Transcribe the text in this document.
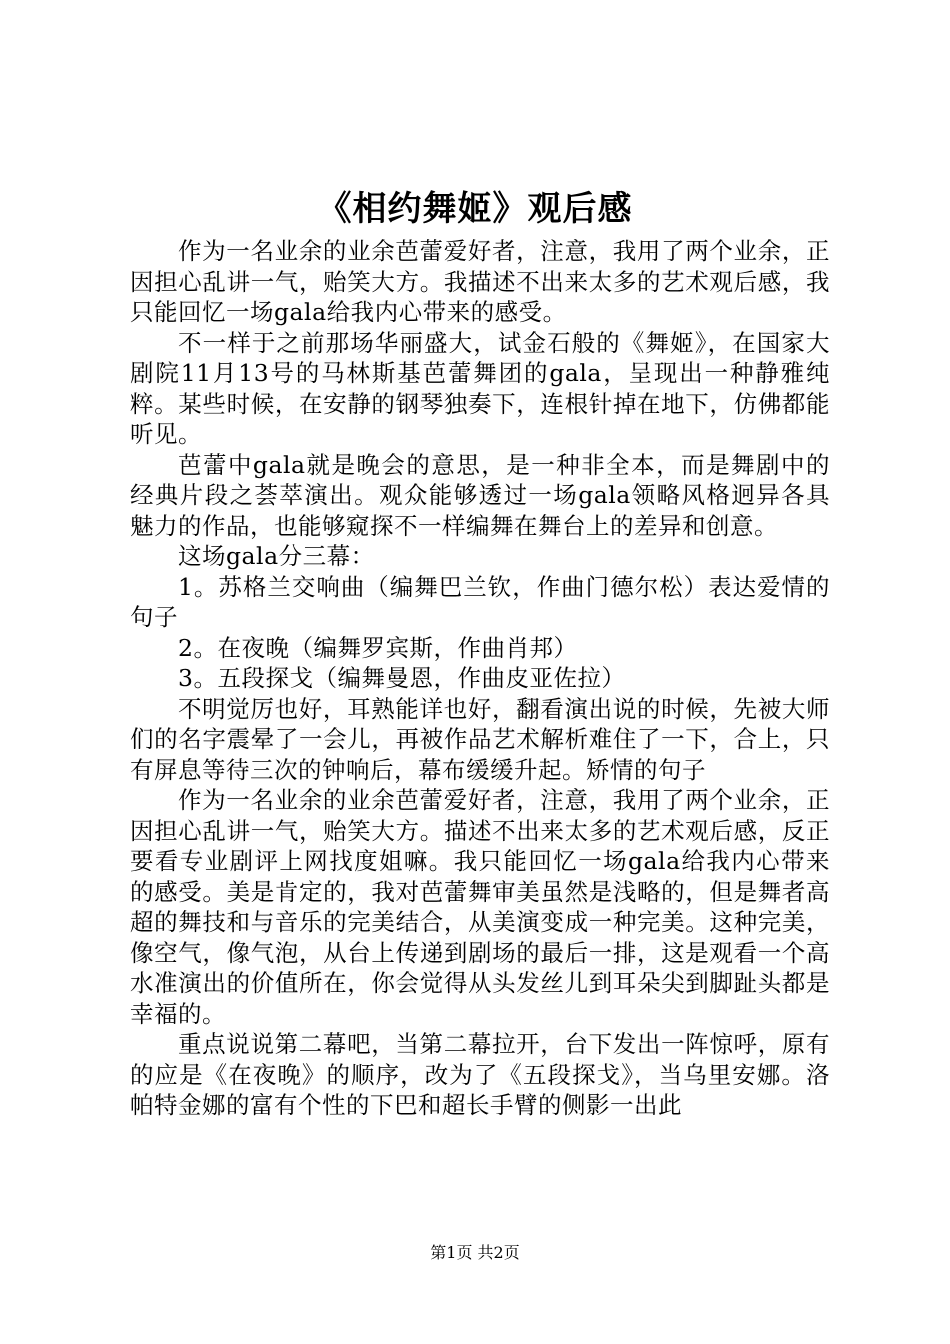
《相约舞姬》观后感

作为一名业余的业余芭蕾爱好者，注意，我用了两个业余，正因担心乱讲一气，贻笑大方。我描述不出来太多的艺术观后感，我只能回忆一场gala给我内心带来的感受。

不一样于之前那场华丽盛大，试金石般的《舞姬》，在国家大剧院11月13号的马林斯基芭蕾舞团的gala，呈现出一种静雅纯粹。某些时候，在安静的钢琴独奏下，连根针掉在地下，仿佛都能听见。

芭蕾中gala就是晚会的意思，是一种非全本，而是舞剧中的经典片段之荟萃演出。观众能够透过一场gala领略风格迥异各具魅力的作品，也能够窥探不一样编舞在舞台上的差异和创意。

这场gala分三幕：

1。苏格兰交响曲（编舞巴兰钦，作曲门德尔松）表达爱情的句子

2。在夜晚（编舞罗宾斯，作曲肖邦）

3。五段探戈（编舞曼恩，作曲皮亚佐拉）

不明觉厉也好，耳熟能详也好，翻看演出说的时候，先被大师们的名字震晕了一会儿，再被作品艺术解析难住了一下，合上，只有屏息等待三次的钟响后，幕布缓缓升起。矫情的句子

作为一名业余的业余芭蕾爱好者，注意，我用了两个业余，正因担心乱讲一气，贻笑大方。描述不出来太多的艺术观后感，反正要看专业剧评上网找度姐嘛。我只能回忆一场gala给我内心带来的感受。美是肯定的，我对芭蕾舞审美虽然是浅略的，但是舞者高超的舞技和与音乐的完美结合，从美演变成一种完美。这种完美，像空气，像气泡，从台上传递到剧场的最后一排，这是观看一个高水准演出的价值所在，你会觉得从头发丝儿到耳朵尖到脚趾头都是幸福的。

重点说说第二幕吧，当第二幕拉开，台下发出一阵惊呼，原有的应是《在夜晚》的顺序，改为了《五段探戈》，当乌里安娜。洛帕特金娜的富有个性的下巴和超长手臂的侧影一出此

第1页 共2页
